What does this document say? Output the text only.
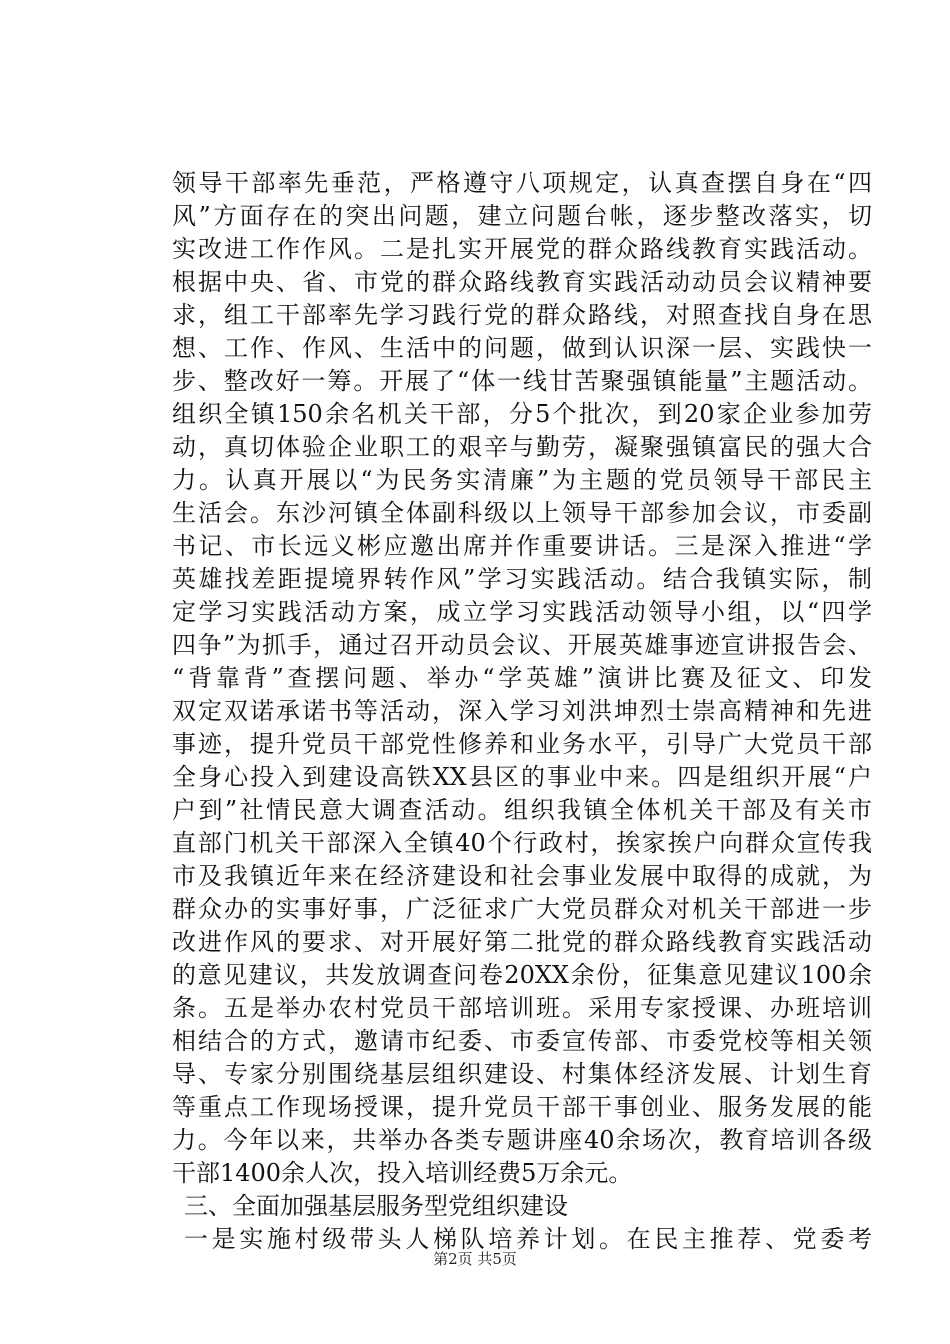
领导干部率先垂范，严格遵守八项规定，认真查摆自身在“四
风”方面存在的突出问题，建立问题台帐，逐步整改落实，切
实改进工作作风。二是扎实开展党的群众路线教育实践活动。
根据中央、省、市党的群众路线教育实践活动动员会议精神要
求，组工干部率先学习践行党的群众路线，对照查找自身在思
想、工作、作风、生活中的问题，做到认识深一层、实践快一
步、整改好一筹。开展了“体一线甘苦聚强镇能量”主题活动。
组织全镇150余名机关干部，分5个批次，到20家企业参加劳
动，真切体验企业职工的艰辛与勤劳，凝聚强镇富民的强大合
力。认真开展以“为民务实清廉”为主题的党员领导干部民主
生活会。东沙河镇全体副科级以上领导干部参加会议，市委副
书记、市长远义彬应邀出席并作重要讲话。三是深入推进“学
英雄找差距提境界转作风”学习实践活动。结合我镇实际，制
定学习实践活动方案，成立学习实践活动领导小组，以“四学
四争”为抓手，通过召开动员会议、开展英雄事迹宣讲报告会、
“背靠背”查摆问题、举办“学英雄”演讲比赛及征文、印发
双定双诺承诺书等活动，深入学习刘洪坤烈士崇高精神和先进
事迹，提升党员干部党性修养和业务水平，引导广大党员干部
全身心投入到建设高铁XX县区的事业中来。四是组织开展“户
户到”社情民意大调查活动。组织我镇全体机关干部及有关市
直部门机关干部深入全镇40个行政村，挨家挨户向群众宣传我
市及我镇近年来在经济建设和社会事业发展中取得的成就，为
群众办的实事好事，广泛征求广大党员群众对机关干部进一步
改进作风的要求、对开展好第二批党的群众路线教育实践活动
的意见建议，共发放调查问卷20XX余份，征集意见建议100余
条。五是举办农村党员干部培训班。采用专家授课、办班培训
相结合的方式，邀请市纪委、市委宣传部、市委党校等相关领
导、专家分别围绕基层组织建设、村集体经济发展、计划生育
等重点工作现场授课，提升党员干部干事创业、服务发展的能
力。今年以来，共举办各类专题讲座40余场次，教育培训各级
干部1400余人次，投入培训经费5万余元。
三、全面加强基层服务型党组织建设
一是实施村级带头人梯队培养计划。在民主推荐、党委考
第2页 共5页
